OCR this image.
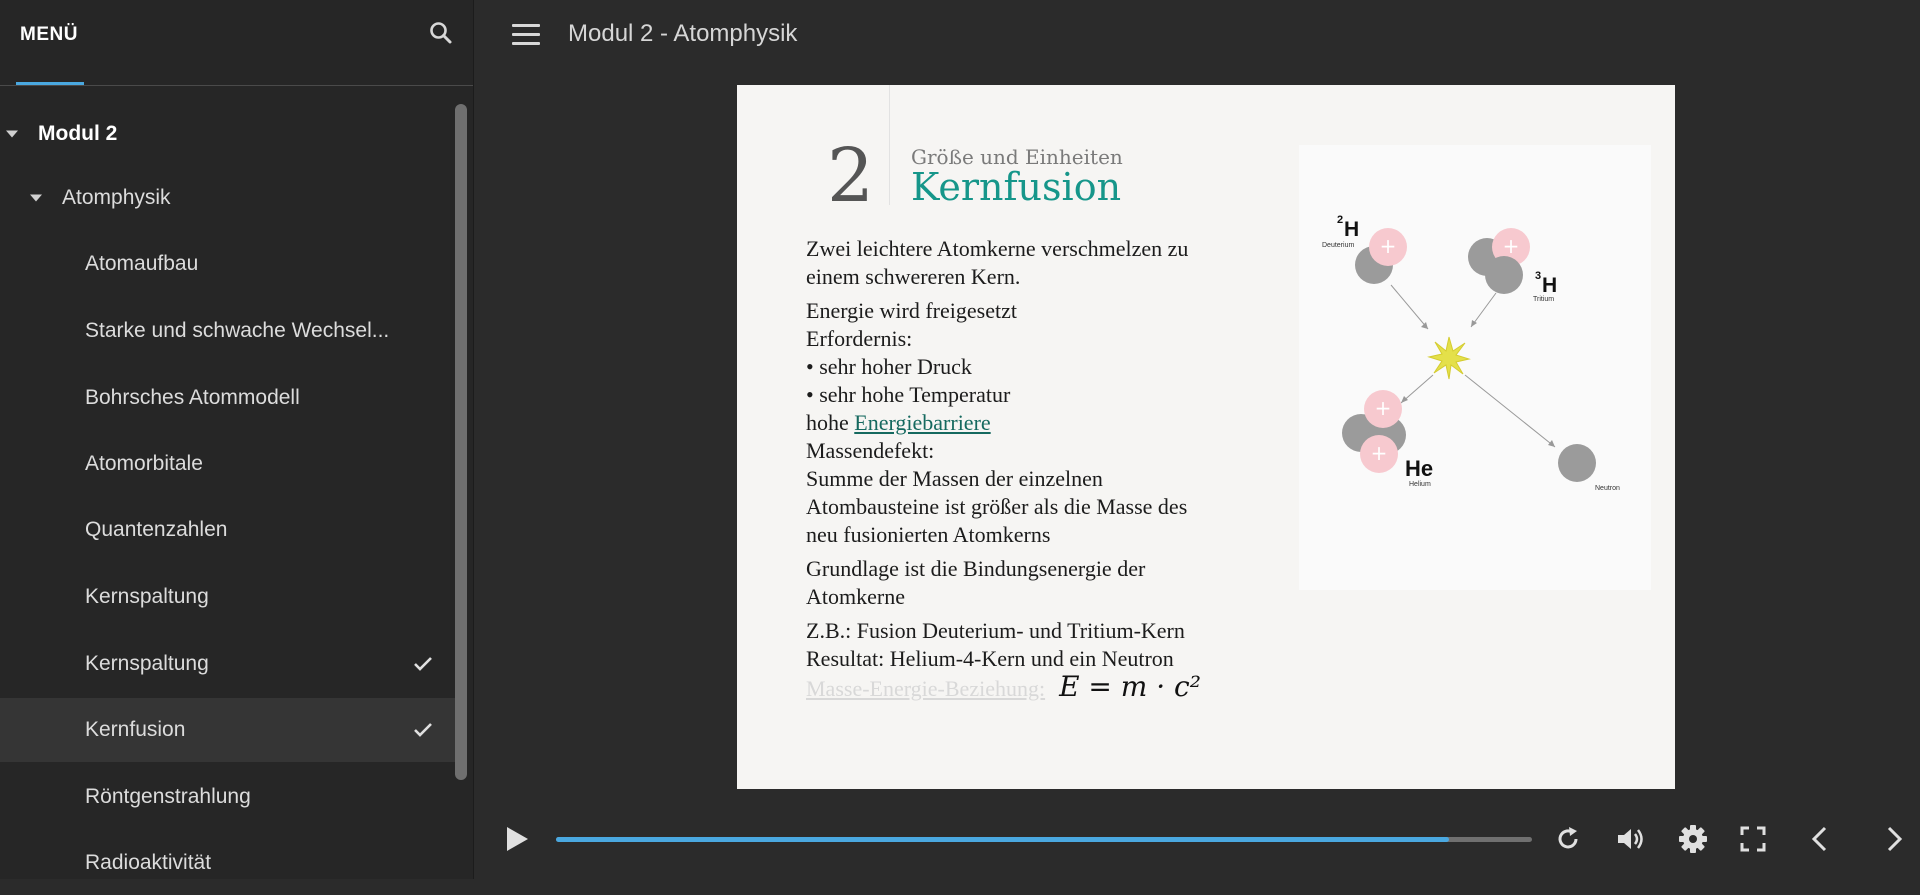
MENÜ
Modul 2
Atomphysik
Atomaufbau
Starke und schwache Wechsel...
Bohrsches Atommodell
Atomorbitale
Quantenzahlen
Kernspaltung
Kernspaltung
Kernfusion
Röntgenstrahlung
Radioaktivität
Modul 2 - Atomphysik
2 Größe und Einheiten
Kernfusion
Zwei leichtere Atomkerne verschmelzen zu
einem schwereren Kern.
Energie wird freigesetzt
Erfordernis:
• sehr hoher Druck
• sehr hohe Temperatur
hohe Energiebarriere
Massendefekt:
Summe der Massen der einzelnen
Atombausteine ist größer als die Masse des
neu fusionierten Atomkerns
Grundlage ist die Bindungsenergie der
Atomkerne
Z.B.: Fusion Deuterium- und Tritium-Kern
Resultat: Helium-4-Kern und ein Neutron
Masse-Energie-Beziehung: E = m · c²
2 H
Deuterium +	+
3 H
Tritium
+
+
He
Helium
Neutron
